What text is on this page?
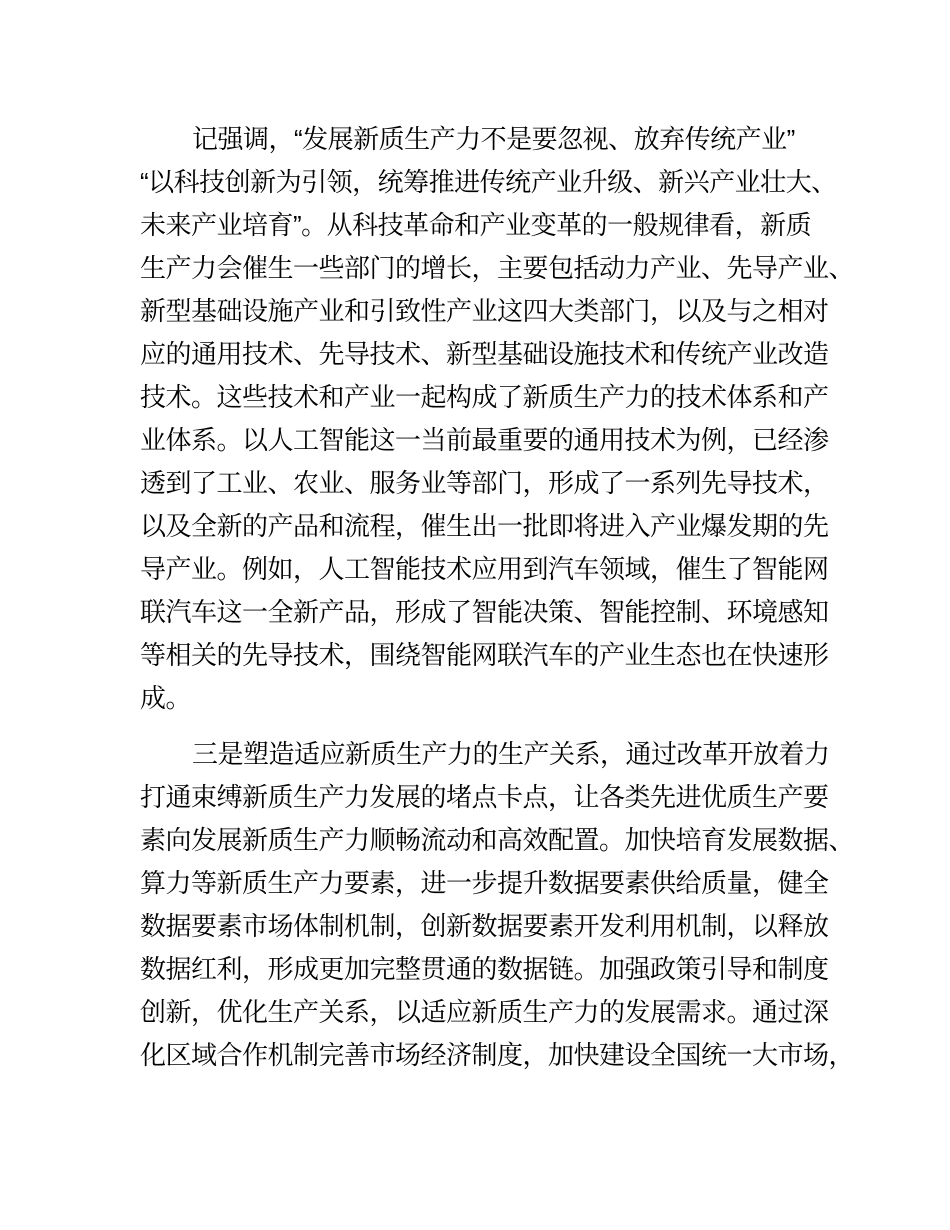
记强调，“发展新质生产力不是要忽视、放弃传统产业”
“以科技创新为引领，统筹推进传统产业升级、新兴产业壮大、
未来产业培育”。从科技革命和产业变革的一般规律看，新质
生产力会催生一些部门的增长，主要包括动力产业、先导产业、
新型基础设施产业和引致性产业这四大类部门，以及与之相对
应的通用技术、先导技术、新型基础设施技术和传统产业改造
技术。这些技术和产业一起构成了新质生产力的技术体系和产
业体系。以人工智能这一当前最重要的通用技术为例，已经渗
透到了工业、农业、服务业等部门，形成了一系列先导技术，
以及全新的产品和流程，催生出一批即将进入产业爆发期的先
导产业。例如，人工智能技术应用到汽车领域，催生了智能网
联汽车这一全新产品，形成了智能决策、智能控制、环境感知
等相关的先导技术，围绕智能网联汽车的产业生态也在快速形
成。
三是塑造适应新质生产力的生产关系，通过改革开放着力
打通束缚新质生产力发展的堵点卡点，让各类先进优质生产要
素向发展新质生产力顺畅流动和高效配置。加快培育发展数据、
算力等新质生产力要素，进一步提升数据要素供给质量，健全
数据要素市场体制机制，创新数据要素开发利用机制，以释放
数据红利，形成更加完整贯通的数据链。加强政策引导和制度
创新，优化生产关系，以适应新质生产力的发展需求。通过深
化区域合作机制完善市场经济制度，加快建设全国统一大市场，
